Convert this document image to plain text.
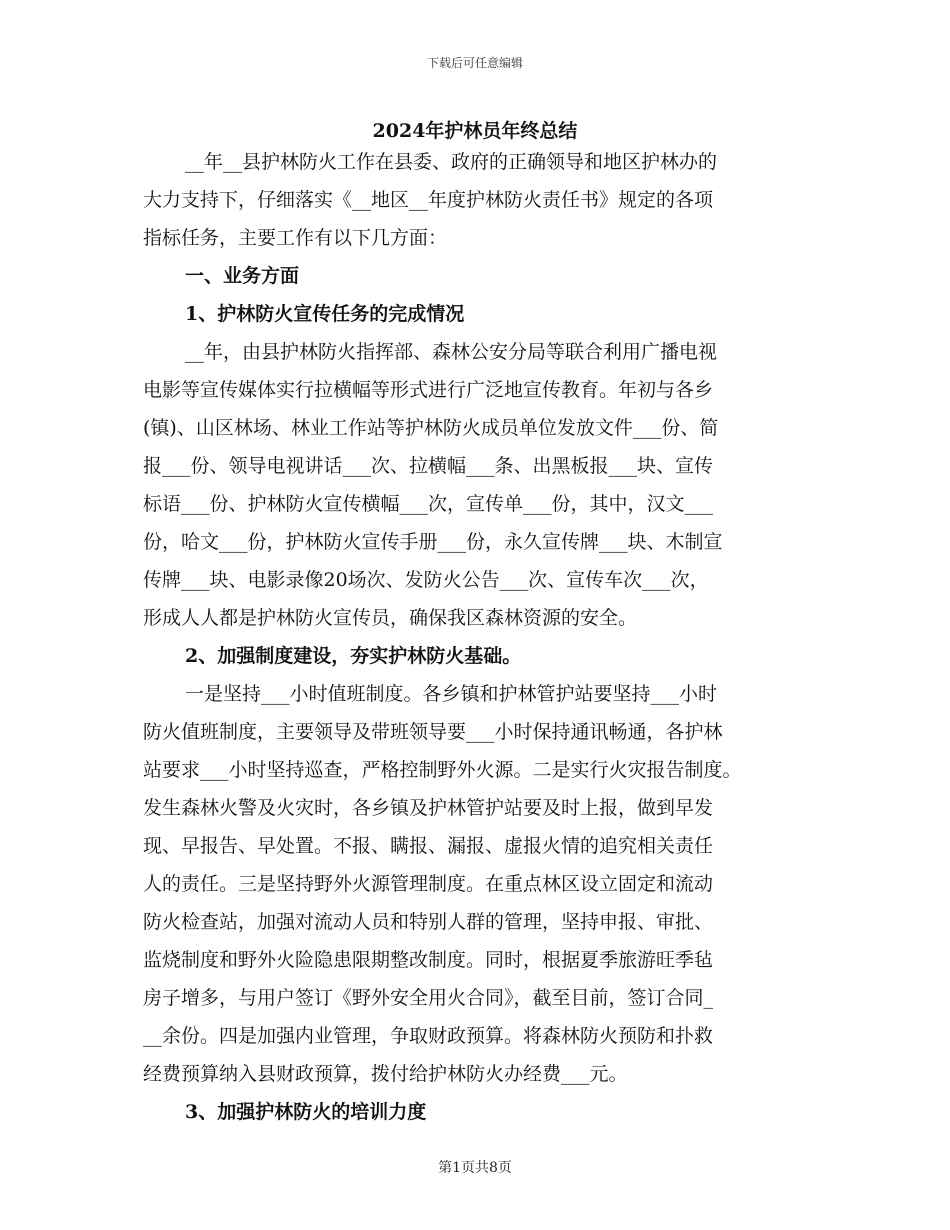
下载后可任意编辑
2024年护林员年终总结
__年__县护林防火工作在县委、政府的正确领导和地区护林办的
大力支持下，仔细落实《__地区__年度护林防火责任书》规定的各项
指标任务，主要工作有以下几方面：
一、业务方面
1、护林防火宣传任务的完成情况
__年，由县护林防火指挥部、森林公安分局等联合利用广播电视
电影等宣传媒体实行拉横幅等形式进行广泛地宣传教育。年初与各乡
(镇)、山区林场、林业工作站等护林防火成员单位发放文件___份、简
报___份、领导电视讲话___次、拉横幅___条、出黑板报___块、宣传
标语___份、护林防火宣传横幅___次，宣传单___份，其中，汉文___
份，哈文___份，护林防火宣传手册___份，永久宣传牌___块、木制宣
传牌___块、电影录像20场次、发防火公告___次、宣传车次___次，
形成人人都是护林防火宣传员，确保我区森林资源的安全。
2、加强制度建设，夯实护林防火基础。
一是坚持___小时值班制度。各乡镇和护林管护站要坚持___小时
防火值班制度，主要领导及带班领导要___小时保持通讯畅通，各护林
站要求___小时坚持巡查，严格控制野外火源。二是实行火灾报告制度。
发生森林火警及火灾时，各乡镇及护林管护站要及时上报，做到早发
现、早报告、早处置。不报、瞒报、漏报、虚报火情的追究相关责任
人的责任。三是坚持野外火源管理制度。在重点林区设立固定和流动
防火检查站，加强对流动人员和特别人群的管理，坚持申报、审批、
监烧制度和野外火险隐患限期整改制度。同时，根据夏季旅游旺季毡
房子增多，与用户签订《野外安全用火合同》，截至目前，签订合同_
__余份。四是加强内业管理，争取财政预算。将森林防火预防和扑救
经费预算纳入县财政预算，拨付给护林防火办经费___元。
3、加强护林防火的培训力度
第1页共8页
